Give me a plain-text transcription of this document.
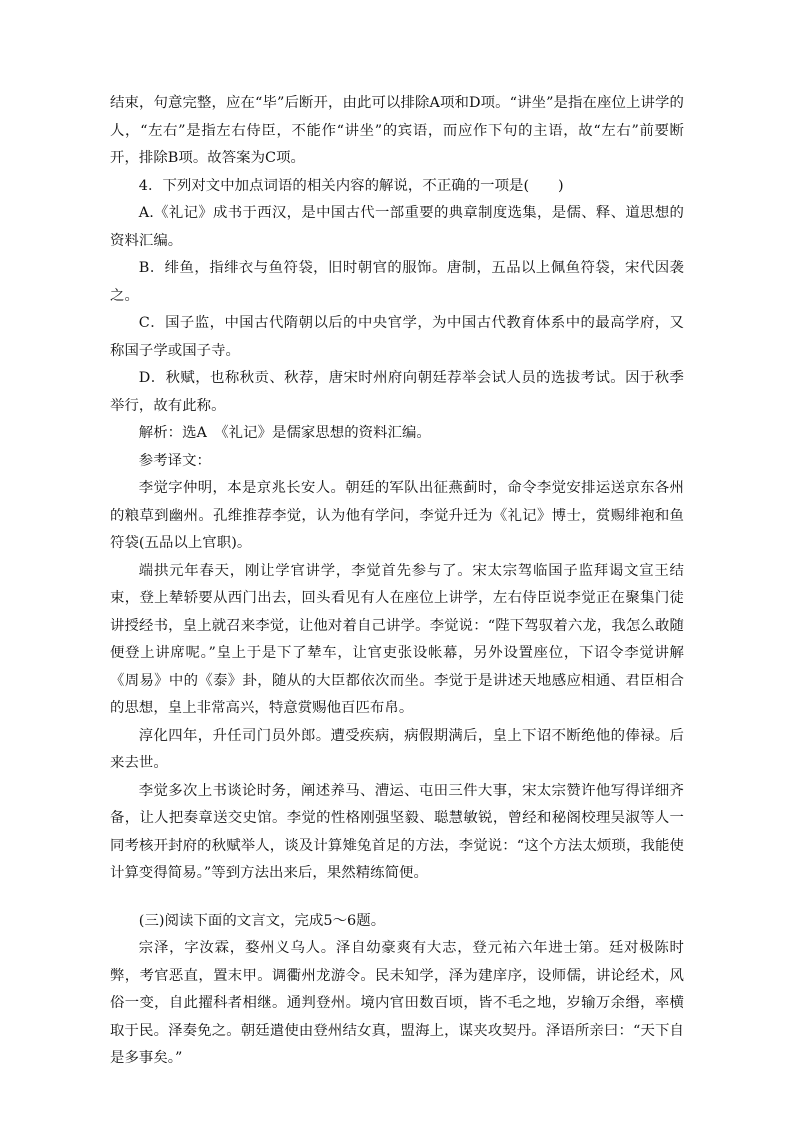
结束，句意完整，应在“毕”后断开，由此可以排除A项和D项。“讲坐”是指在座位上讲学的人，“左右”是指左右侍臣，不能作“讲坐”的宾语，而应作下句的主语，故“左右”前要断开，排除B项。故答案为C项。

4．下列对文中加点词语的相关内容的解说，不正确的一项是(　　)

A.《礼记》成书于西汉，是中国古代一部重要的典章制度选集，是儒、释、道思想的资料汇编。

B．绯鱼，指绯衣与鱼符袋，旧时朝官的服饰。唐制，五品以上佩鱼符袋，宋代因袭之。

C．国子监，中国古代隋朝以后的中央官学，为中国古代教育体系中的最高学府，又称国子学或国子寺。

D．秋赋，也称秋贡、秋荐，唐宋时州府向朝廷荐举会试人员的选拔考试。因于秋季举行，故有此称。

解析：选A　《礼记》是儒家思想的资料汇编。

参考译文：

李觉字仲明，本是京兆长安人。朝廷的军队出征燕蓟时，命令李觉安排运送京东各州的粮草到幽州。孔维推荐李觉，认为他有学问，李觉升迁为《礼记》博士，赏赐绯袍和鱼符袋(五品以上官职)。

端拱元年春天，刚让学官讲学，李觉首先参与了。宋太宗驾临国子监拜谒文宣王结束，登上辇轿要从西门出去，回头看见有人在座位上讲学，左右侍臣说李觉正在聚集门徒讲授经书，皇上就召来李觉，让他对着自己讲学。李觉说：“陛下驾驭着六龙，我怎么敢随便登上讲席呢。”皇上于是下了辇车，让官吏张设帐幕，另外设置座位，下诏令李觉讲解《周易》中的《泰》卦，随从的大臣都依次而坐。李觉于是讲述天地感应相通、君臣相合的思想，皇上非常高兴，特意赏赐他百匹布帛。

淳化四年，升任司门员外郎。遭受疾病，病假期满后，皇上下诏不断绝他的俸禄。后来去世。

李觉多次上书谈论时务，阐述养马、漕运、屯田三件大事，宋太宗赞许他写得详细齐备，让人把奏章送交史馆。李觉的性格刚强坚毅、聪慧敏锐，曾经和秘阁校理吴淑等人一同考核开封府的秋赋举人，谈及计算雉兔首足的方法，李觉说：“这个方法太烦琐，我能使计算变得简易。”等到方法出来后，果然精练简便。

(三)阅读下面的文言文，完成5～6题。

宗泽，字汝霖，婺州义乌人。泽自幼豪爽有大志，登元祐六年进士第。廷对极陈时弊，考官恶直，置末甲。调衢州龙游令。民未知学，泽为建庠序，设师儒，讲论经术，风俗一变，自此擢科者相继。通判登州。境内官田数百顷，皆不毛之地，岁输万余缗，率横取于民。泽奏免之。朝廷遣使由登州结女真，盟海上，谋夹攻契丹。泽语所亲曰：“天下自是多事矣。”
